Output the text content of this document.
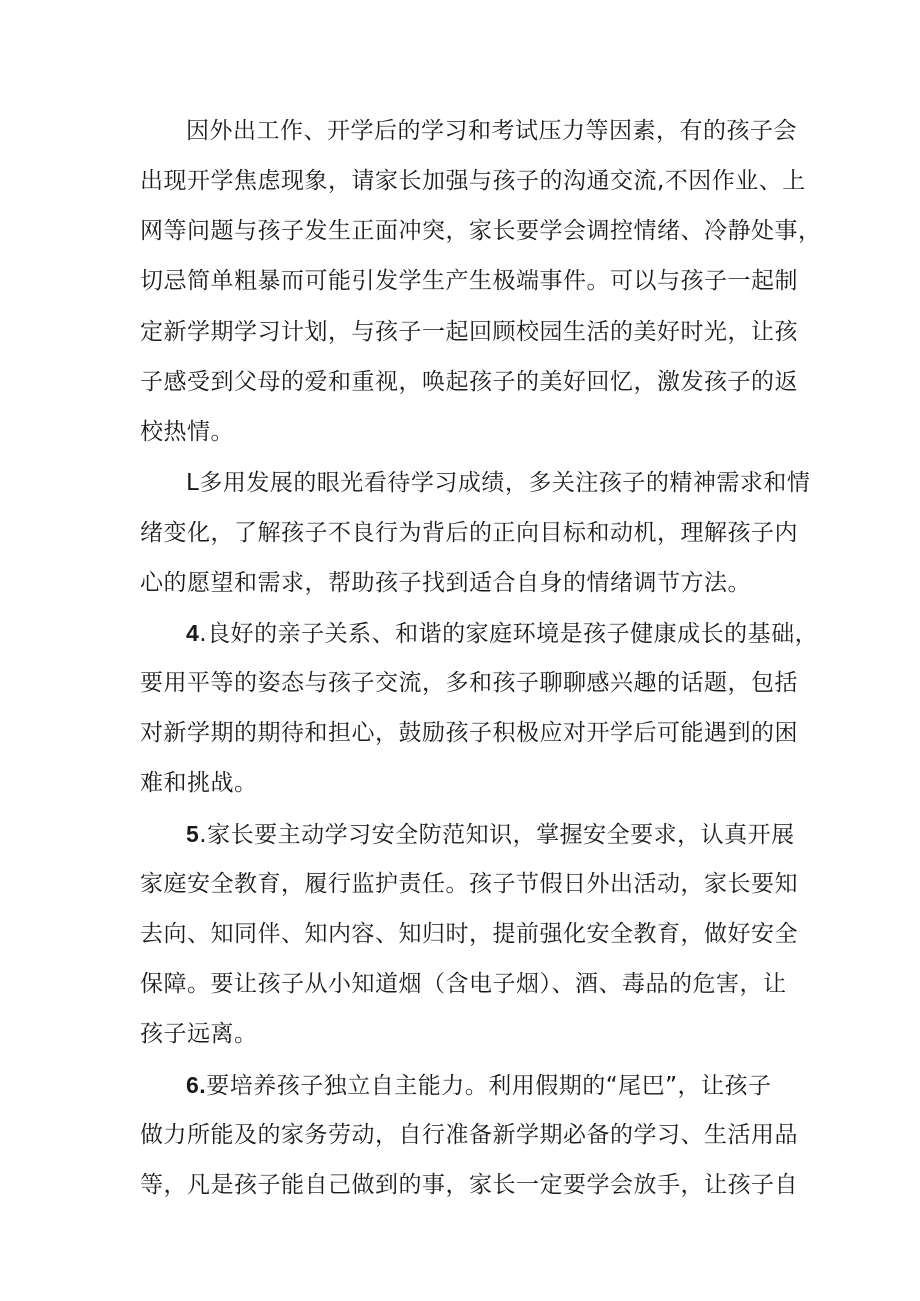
因外出工作、开学后的学习和考试压力等因素，有的孩子会

出现开学焦虑现象，请家长加强与孩子的沟通交流,不因作业、上

网等问题与孩子发生正面冲突，家长要学会调控情绪、冷静处事，

切忌简单粗暴而可能引发学生产生极端事件。可以与孩子一起制

定新学期学习计划，与孩子一起回顾校园生活的美好时光，让孩

子感受到父母的爱和重视，唤起孩子的美好回忆，激发孩子的返

校热情。

L多用发展的眼光看待学习成绩，多关注孩子的精神需求和情

绪变化，了解孩子不良行为背后的正向目标和动机，理解孩子内

心的愿望和需求，帮助孩子找到适合自身的情绪调节方法。

4.良好的亲子关系、和谐的家庭环境是孩子健康成长的基础，

要用平等的姿态与孩子交流，多和孩子聊聊感兴趣的话题，包括

对新学期的期待和担心，鼓励孩子积极应对开学后可能遇到的困

难和挑战。

5.家长要主动学习安全防范知识，掌握安全要求，认真开展

家庭安全教育，履行监护责任。孩子节假日外出活动，家长要知

去向、知同伴、知内容、知归时，提前强化安全教育，做好安全

保障。要让孩子从小知道烟（含电子烟）、酒、毒品的危害，让

孩子远离。

6.要培养孩子独立自主能力。利用假期的“尾巴”，让孩子

做力所能及的家务劳动，自行准备新学期必备的学习、生活用品

等，凡是孩子能自己做到的事，家长一定要学会放手，让孩子自
